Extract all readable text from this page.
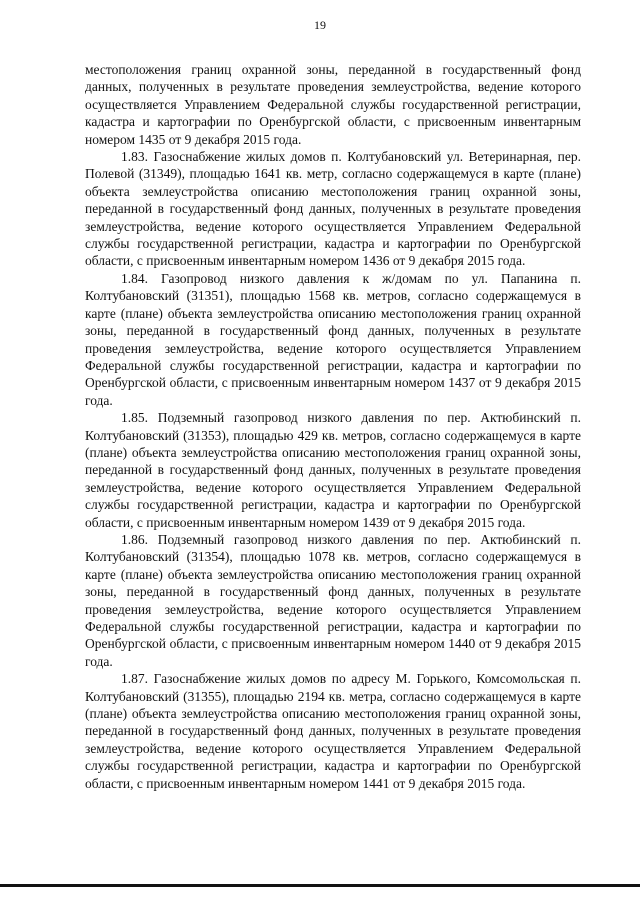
19

местоположения границ охранной зоны, переданной в государственный фонд данных, полученных в результате проведения землеустройства, ведение которого осуществляется Управлением Федеральной службы государственной регистрации, кадастра и картографии по Оренбургской области, с присвоенным инвентарным номером 1435 от 9 декабря 2015 года.

1.83. Газоснабжение жилых домов п. Колтубановский ул. Ветеринарная, пер. Полевой (31349), площадью 1641 кв. метр, согласно содержащемуся в карте (плане) объекта землеустройства описанию местоположения границ охранной зоны, переданной в государственный фонд данных, полученных в результате проведения землеустройства, ведение которого осуществляется Управлением Федеральной службы государственной регистрации, кадастра и картографии по Оренбургской области, с присвоенным инвентарным номером 1436 от 9 декабря 2015 года.

1.84. Газопровод низкого давления к ж/домам по ул. Папанина п. Колтубановский (31351), площадью 1568 кв. метров, согласно содержащемуся в карте (плане) объекта землеустройства описанию местоположения границ охранной зоны, переданной в государственный фонд данных, полученных в результате проведения землеустройства, ведение которого осуществляется Управлением Федеральной службы государственной регистрации, кадастра и картографии по Оренбургской области, с присвоенным инвентарным номером 1437 от 9 декабря 2015 года.

1.85. Подземный газопровод низкого давления по пер. Актюбинский п. Колтубановский (31353), площадью 429 кв. метров, согласно содержащемуся в карте (плане) объекта землеустройства описанию местоположения границ охранной зоны, переданной в государственный фонд данных, полученных в результате проведения землеустройства, ведение которого осуществляется Управлением Федеральной службы государственной регистрации, кадастра и картографии по Оренбургской области, с присвоенным инвентарным номером 1439 от 9 декабря 2015 года.

1.86. Подземный газопровод низкого давления по пер. Актюбинский п. Колтубановский (31354), площадью 1078 кв. метров, согласно содержащемуся в карте (плане) объекта землеустройства описанию местоположения границ охранной зоны, переданной в государственный фонд данных, полученных в результате проведения землеустройства, ведение которого осуществляется Управлением Федеральной службы государственной регистрации, кадастра и картографии по Оренбургской области, с присвоенным инвентарным номером 1440 от 9 декабря 2015 года.

1.87. Газоснабжение жилых домов по адресу М. Горького, Комсомольская п. Колтубановский (31355), площадью 2194 кв. метра, согласно содержащемуся в карте (плане) объекта землеустройства описанию местоположения границ охранной зоны, переданной в государственный фонд данных, полученных в результате проведения землеустройства, ведение которого осуществляется Управлением Федеральной службы государственной регистрации, кадастра и картографии по Оренбургской области, с присвоенным инвентарным номером 1441 от 9 декабря 2015 года.
